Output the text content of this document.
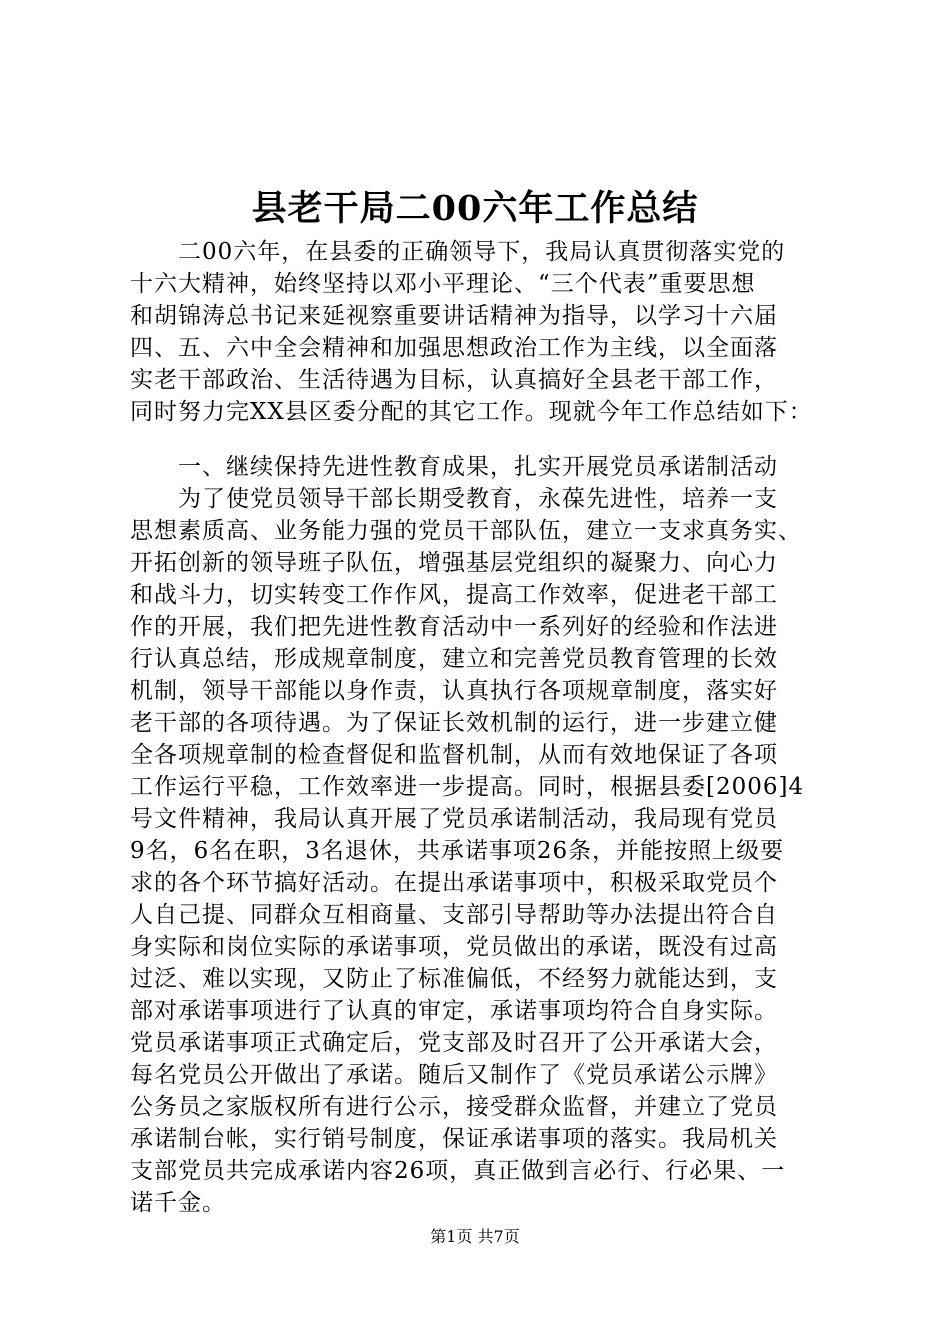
县老干局二00六年工作总结
　　二00六年，在县委的正确领导下，我局认真贯彻落实党的
十六大精神，始终坚持以邓小平理论、“三个代表”重要思想
和胡锦涛总书记来延视察重要讲话精神为指导，以学习十六届
四、五、六中全会精神和加强思想政治工作为主线，以全面落
实老干部政治、生活待遇为目标，认真搞好全县老干部工作，
同时努力完XX县区委分配的其它工作。现就今年工作总结如下：
　　一、继续保持先进性教育成果，扎实开展党员承诺制活动
　　为了使党员领导干部长期受教育，永葆先进性，培养一支
思想素质高、业务能力强的党员干部队伍，建立一支求真务实、
开拓创新的领导班子队伍，增强基层党组织的凝聚力、向心力
和战斗力，切实转变工作作风，提高工作效率，促进老干部工
作的开展，我们把先进性教育活动中一系列好的经验和作法进
行认真总结，形成规章制度，建立和完善党员教育管理的长效
机制，领导干部能以身作责，认真执行各项规章制度，落实好
老干部的各项待遇。为了保证长效机制的运行，进一步建立健
全各项规章制的检查督促和监督机制，从而有效地保证了各项
工作运行平稳，工作效率进一步提高。同时，根据县委[2006]4
号文件精神，我局认真开展了党员承诺制活动，我局现有党员
9名，6名在职，3名退休，共承诺事项26条，并能按照上级要
求的各个环节搞好活动。在提出承诺事项中，积极采取党员个
人自己提、同群众互相商量、支部引导帮助等办法提出符合自
身实际和岗位实际的承诺事项，党员做出的承诺，既没有过高
过泛、难以实现，又防止了标准偏低，不经努力就能达到，支
部对承诺事项进行了认真的审定，承诺事项均符合自身实际。
党员承诺事项正式确定后，党支部及时召开了公开承诺大会，
每名党员公开做出了承诺。随后又制作了《党员承诺公示牌》
公务员之家版权所有进行公示，接受群众监督，并建立了党员
承诺制台帐，实行销号制度，保证承诺事项的落实。我局机关
支部党员共完成承诺内容26项，真正做到言必行、行必果、一
诺千金。
第1页 共7页
